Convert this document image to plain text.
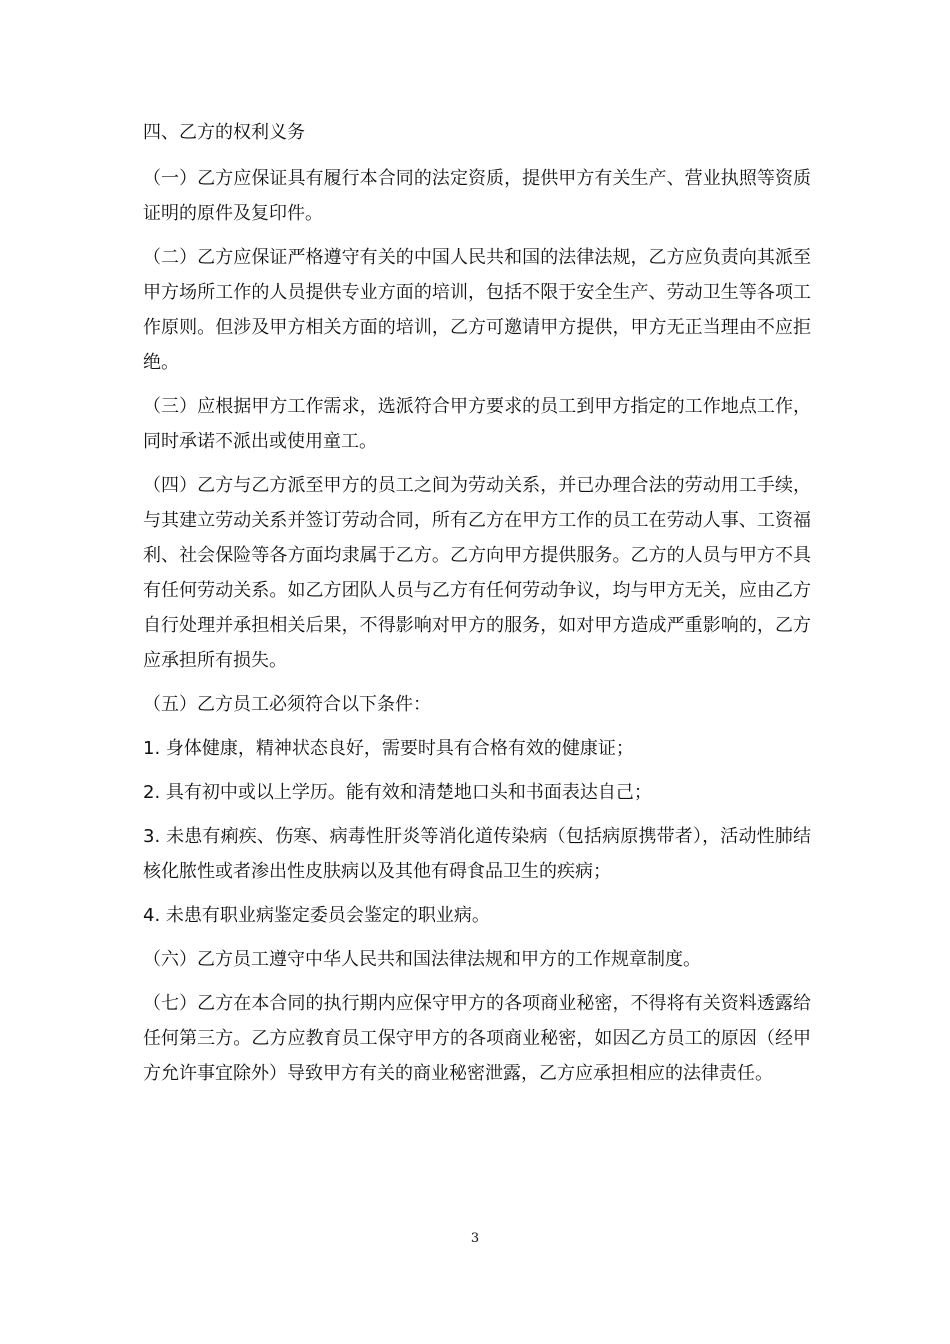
四、乙方的权利义务

（一）乙方应保证具有履行本合同的法定资质，提供甲方有关生产、营业执照等资质证明的原件及复印件。

（二）乙方应保证严格遵守有关的中国人民共和国的法律法规，乙方应负责向其派至甲方场所工作的人员提供专业方面的培训，包括不限于安全生产、劳动卫生等各项工作原则。但涉及甲方相关方面的培训，乙方可邀请甲方提供，甲方无正当理由不应拒绝。

（三）应根据甲方工作需求，选派符合甲方要求的员工到甲方指定的工作地点工作，同时承诺不派出或使用童工。

（四）乙方与乙方派至甲方的员工之间为劳动关系，并已办理合法的劳动用工手续，与其建立劳动关系并签订劳动合同，所有乙方在甲方工作的员工在劳动人事、工资福利、社会保险等各方面均隶属于乙方。乙方向甲方提供服务。乙方的人员与甲方不具有任何劳动关系。如乙方团队人员与乙方有任何劳动争议，均与甲方无关，应由乙方自行处理并承担相关后果，不得影响对甲方的服务，如对甲方造成严重影响的，乙方应承担所有损失。

（五）乙方员工必须符合以下条件：

1. 身体健康，精神状态良好，需要时具有合格有效的健康证；

2. 具有初中或以上学历。能有效和清楚地口头和书面表达自己；

3. 未患有痢疾、伤寒、病毒性肝炎等消化道传染病（包括病原携带者），活动性肺结核化脓性或者渗出性皮肤病以及其他有碍食品卫生的疾病；

4. 未患有职业病鉴定委员会鉴定的职业病。

（六）乙方员工遵守中华人民共和国法律法规和甲方的工作规章制度。

（七）乙方在本合同的执行期内应保守甲方的各项商业秘密，不得将有关资料透露给任何第三方。乙方应教育员工保守甲方的各项商业秘密，如因乙方员工的原因（经甲方允许事宜除外）导致甲方有关的商业秘密泄露，乙方应承担相应的法律责任。

3
